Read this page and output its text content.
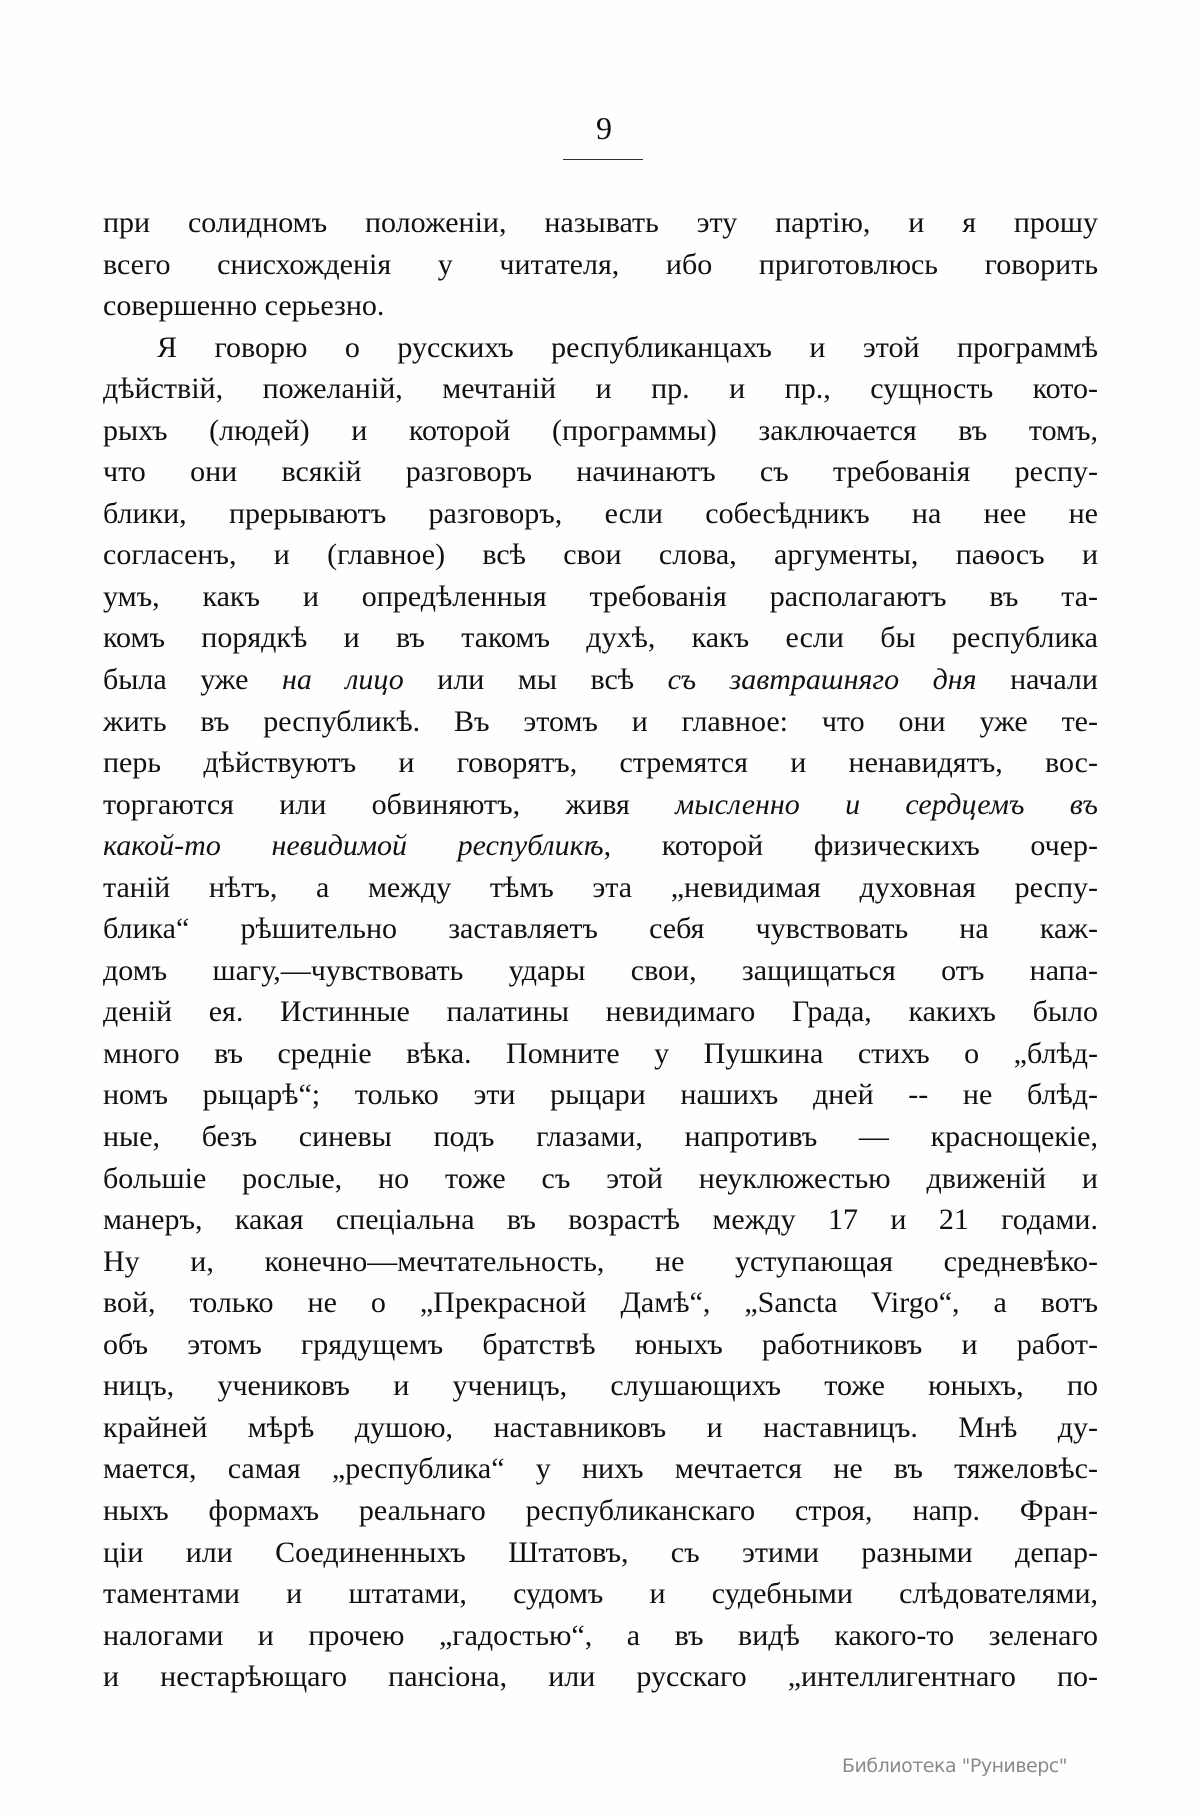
9
при солидномъ положеніи, называть эту партію, и я прошу
всего снисхожденія у читателя, ибо приготовлюсь говорить
совершенно серьезно.
Я говорю о русскихъ республиканцахъ и этой программѣ
дѣйствій, пожеланій, мечтаній и пр. и пр., сущность кото-
рыхъ (людей) и которой (программы) заключается въ томъ,
что они всякій разговоръ начинаютъ съ требованія респу-
блики, прерываютъ разговоръ, если собесѣдникъ на нее не
согласенъ, и (главное) всѣ свои слова, аргументы, паѳосъ и
умъ, какъ и опредѣленныя требованія располагаютъ въ та-
комъ порядкѣ и въ такомъ духѣ, какъ если бы республика
была уже на лицо или мы всѣ съ завтрашняго дня начали
жить въ республикѣ. Въ этомъ и главное: что они уже те-
перь дѣйствуютъ и говорятъ, стремятся и ненавидятъ, вос-
торгаются или обвиняютъ, живя мысленно и сердцемъ въ
какой-то невидимой республикѣ, которой физическихъ очер-
таній нѣтъ, а между тѣмъ эта „невидимая духовная респу-
блика“ рѣшительно заставляетъ себя чувствовать на каж-
домъ шагу,—чувствовать удары свои, защищаться отъ напа-
деній ея. Истинные палатины невидимаго Града, какихъ было
много въ средніе вѣка. Помните у Пушкина стихъ о „блѣд-
номъ рыцарѣ“; только эти рыцари нашихъ дней -- не блѣд-
ные, безъ синевы подъ глазами, напротивъ — краснощекіе,
большіе рослые, но тоже съ этой неуклюжестью движеній и
манеръ, какая спеціальна въ возрастѣ между 17 и 21 годами.
Ну и, конечно—мечтательность, не уступающая средневѣко-
вой, только не о „Прекрасной Дамѣ“, „Sancta Virgo“, а вотъ
объ этомъ грядущемъ братствѣ юныхъ работниковъ и работ-
ницъ, учениковъ и ученицъ, слушающихъ тоже юныхъ, по
крайней мѣрѣ душою, наставниковъ и наставницъ. Мнѣ ду-
мается, самая „республика“ у нихъ мечтается не въ тяжеловѣс-
ныхъ формахъ реальнаго республиканскаго строя, напр. Фран-
ціи или Соединенныхъ Штатовъ, съ этими разными депар-
таментами и штатами, судомъ и судебными слѣдователями,
налогами и прочею „гадостью“, а въ видѣ какого-то зеленаго
и нестарѣющаго пансіона, или русскаго „интеллигентнаго по-
Библиотека "Руниверс"
